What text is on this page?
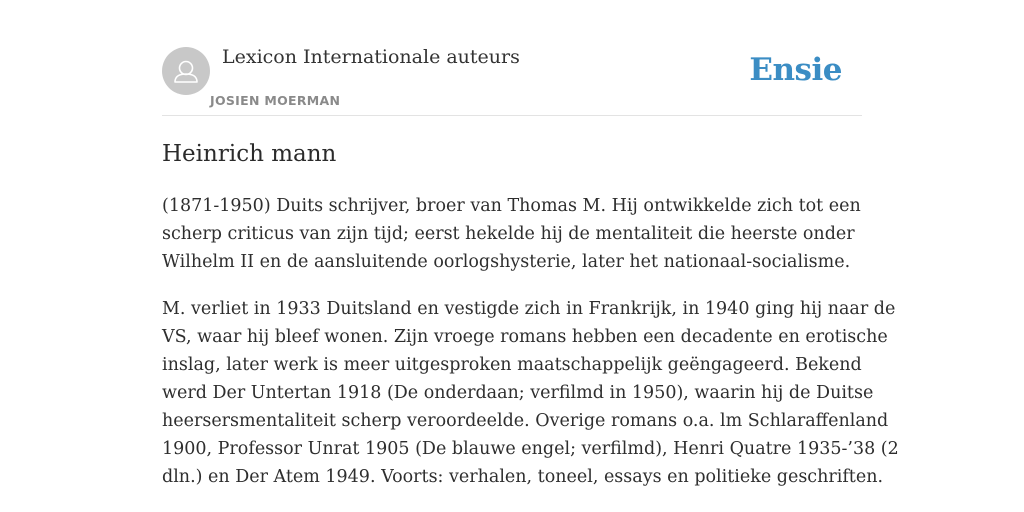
Lexicon Internationale auteurs
JOSIEN MOERMAN
Ensie
Heinrich mann

(1871-1950) Duits schrijver, broer van Thomas M. Hij ontwikkelde zich tot een
scherp criticus van zijn tijd; eerst hekelde hij de mentaliteit die heerste onder
Wilhelm II en de aansluitende oorlogshysterie, later het nationaal-socialisme.

M. verliet in 1933 Duitsland en vestigde zich in Frankrijk, in 1940 ging hij naar de
VS, waar hij bleef wonen. Zijn vroege romans hebben een decadente en erotische
inslag, later werk is meer uitgesproken maatschappelijk geëngageerd. Bekend
werd Der Untertan 1918 (De onderdaan; verfilmd in 1950), waarin hij de Duitse
heersersmentaliteit scherp veroordeelde. Overige romans o.a. lm Schlaraffenland
1900, Professor Unrat 1905 (De blauwe engel; verfilmd), Henri Quatre 1935-’38 (2
dln.) en Der Atem 1949. Voorts: verhalen, toneel, essays en politieke geschriften.
